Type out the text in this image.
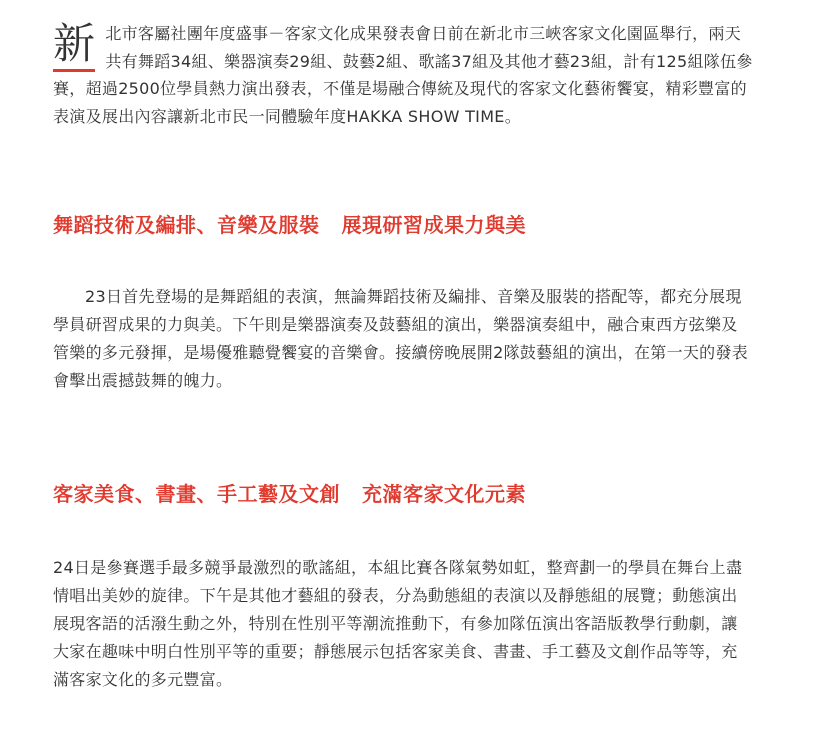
新 北市客屬社團年度盛事－客家文化成果發表會日前在新北市三峽客家文化園區舉行，兩天共有舞蹈34組、樂器演奏29組、鼓藝2組、歌謠37組及其他才藝23組，計有125組隊伍參賽，超過2500位學員熱力演出發表，不僅是場融合傳統及現代的客家文化藝術饗宴，精彩豐富的表演及展出內容讓新北市民一同體驗年度HAKKA SHOW TIME。
舞蹈技術及編排、音樂及服裝 展現研習成果力與美

23日首先登場的是舞蹈組的表演，無論舞蹈技術及編排、音樂及服裝的搭配等，都充分展現學員研習成果的力與美。下午則是樂器演奏及鼓藝組的演出，樂器演奏組中，融合東西方弦樂及管樂的多元發揮，是場優雅聽覺饗宴的音樂會。接續傍晚展開2隊鼓藝組的演出，在第一天的發表會擊出震撼鼓舞的魄力。

客家美食、書畫、手工藝及文創 充滿客家文化元素

24日是參賽選手最多競爭最激烈的歌謠組，本組比賽各隊氣勢如虹，整齊劃一的學員在舞台上盡情唱出美妙的旋律。下午是其他才藝組的發表，分為動態組的表演以及靜態組的展覽；動態演出展現客語的活潑生動之外，特別在性別平等潮流推動下，有參加隊伍演出客語版教學行動劇，讓大家在趣味中明白性別平等的重要；靜態展示包括客家美食、書畫、手工藝及文創作品等等，充滿客家文化的多元豐富。
